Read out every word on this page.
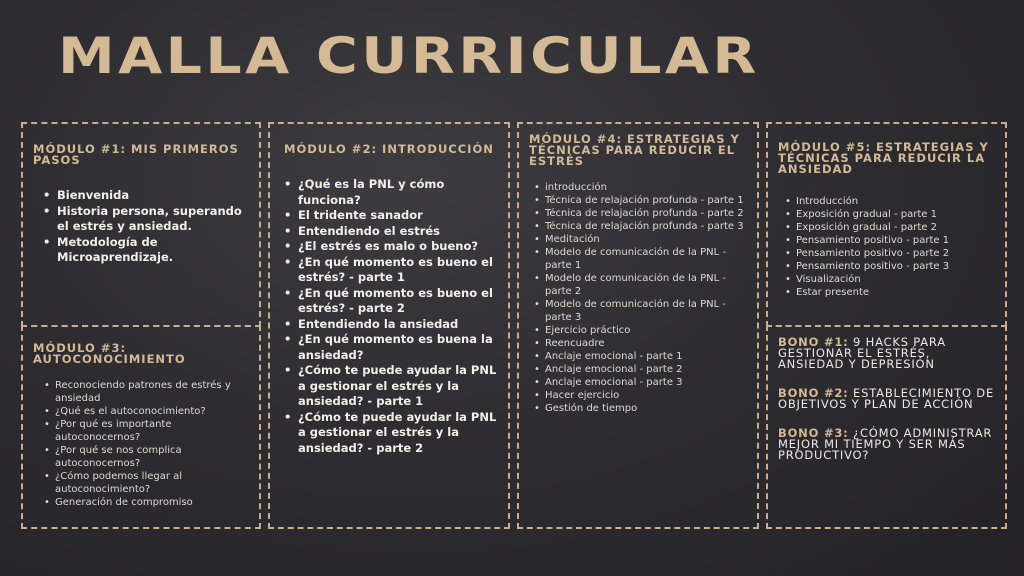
MALLA CURRICULAR
MÓDULO #1: MIS PRIMEROS PASOS
• Bienvenida
• Historia persona, superando el estrés y ansiedad.
• Metodología de Microaprendizaje.
MÓDULO #3: AUTOCONOCIMIENTO
• Reconociendo patrones de estrés y ansiedad
• ¿Qué es el autoconocimiento?
• ¿Por qué es importante autoconocernos?
• ¿Por qué se nos complica autoconocernos?
• ¿Cómo podemos llegar al autoconocimiento?
• Generación de compromiso
MÓDULO #2: INTRODUCCIÓN
• ¿Qué es la PNL y cómo funciona?
• El tridente sanador
• Entendiendo el estrés
• ¿El estrés es malo o bueno?
• ¿En qué momento es bueno el estrés? - parte 1
• ¿En qué momento es bueno el estrés? - parte 2
• Entendiendo la ansiedad
• ¿En qué momento es buena la ansiedad?
• ¿Cómo te puede ayudar la PNL a gestionar el estrés y la ansiedad? - parte 1
• ¿Cómo te puede ayudar la PNL a gestionar el estrés y la ansiedad? - parte 2
MÓDULO #4: ESTRATEGIAS Y TÉCNICAS PARA REDUCIR EL ESTRÉS
• introducción
• Técnica de relajación profunda - parte 1
• Técnica de relajación profunda - parte 2
• Técnica de relajación profunda - parte 3
• Meditación
• Modelo de comunicación de la PNL - parte 1
• Modelo de comunicación de la PNL - parte 2
• Modelo de comunicación de la PNL - parte 3
• Ejercicio práctico
• Reencuadre
• Anclaje emocional - parte 1
• Anclaje emocional - parte 2
• Anclaje emocional - parte 3
• Hacer ejercicio
• Gestión de tiempo
MÓDULO #5: ESTRATEGIAS Y TÉCNICAS PARA REDUCIR LA ANSIEDAD
• Introducción
• Exposición gradual - parte 1
• Exposición gradual - parte 2
• Pensamiento positivo - parte 1
• Pensamiento positivo - parte 2
• Pensamiento positivo - parte 3
• Visualización
• Estar presente

BONO #1: 9 HACKS PARA GESTIONAR EL ESTRÉS, ANSIEDAD Y DEPRESIÓN

BONO #2: ESTABLECIMIENTO DE OBJETIVOS Y PLAN DE ACCIÓN

BONO #3: ¿CÓMO ADMINISTRAR MEJOR MI TIEMPO Y SER MÁS PRODUCTIVO?
